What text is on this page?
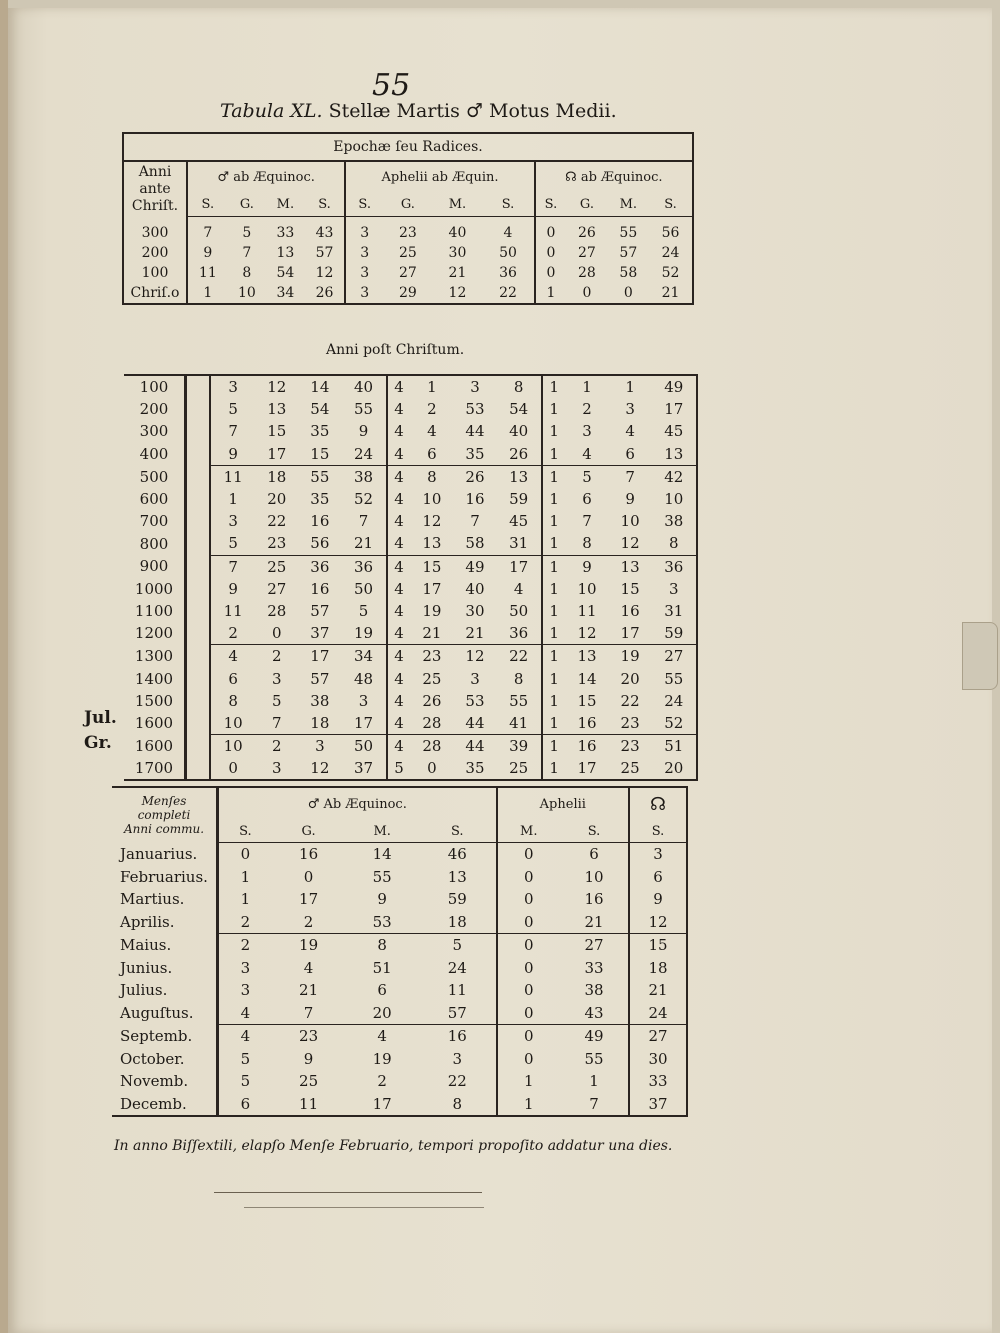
55
Tabula XL. Stellæ Martis ♂ Motus Medii.
Epochæ ſeu Radices.												
Anni
ante
Chriſt.	♂ ab Æquinoc.				Aphelii ab Æquin.				☊ ab Æquinoc.			
	S.	G.	M.	S.	S.	G.	M.	S.	S.	G.	M.	S.
300	7	5	33	43	3	23	40	4	0	26	55	56
200	9	7	13	57	3	25	30	50	0	27	57	24
100	11	8	54	12	3	27	21	36	0	28	58	52
Chriſ.o	1	10	34	26	3	29	12	22	1	0	0	21
Anni poſt Chriſtum.
100		3	12	14	40	4	1	3	8	1	1	1	49
200		5	13	54	55	4	2	53	54	1	2	3	17
300		7	15	35	9	4	4	44	40	1	3	4	45
400		9	17	15	24	4	6	35	26	1	4	6	13
500		11	18	55	38	4	8	26	13	1	5	7	42
600		1	20	35	52	4	10	16	59	1	6	9	10
700		3	22	16	7	4	12	7	45	1	7	10	38
800		5	23	56	21	4	13	58	31	1	8	12	8
900		7	25	36	36	4	15	49	17	1	9	13	36
1000		9	27	16	50	4	17	40	4	1	10	15	3
1100		11	28	57	5	4	19	30	50	1	11	16	31
1200		2	0	37	19	4	21	21	36	1	12	17	59
1300		4	2	17	34	4	23	12	22	1	13	19	27
1400		6	3	57	48	4	25	3	8	1	14	20	55
1500		8	5	38	3	4	26	53	55	1	15	22	24
1600		10	7	18	17	4	28	44	41	1	16	23	52
1600		10	2	3	50	4	28	44	39	1	16	23	51
1700		0	3	12	37	5	0	35	25	1	17	25	20
Jul.
Gr.
Menſes
completi
Anni commu.	♂ Ab Æquinoc.				Aphelii		☊
	S.	G.	M.	S.	M.	S.	S.
Januarius.	0	16	14	46	0	6	3
Februarius.	1	0	55	13	0	10	6
Martius.	1	17	9	59	0	16	9
Aprilis.	2	2	53	18	0	21	12
Maius.	2	19	8	5	0	27	15
Junius.	3	4	51	24	0	33	18
Julius.	3	21	6	11	0	38	21
Auguſtus.	4	7	20	57	0	43	24
Septemb.	4	23	4	16	0	49	27
October.	5	9	19	3	0	55	30
Novemb.	5	25	2	22	1	1	33
Decemb.	6	11	17	8	1	7	37
In anno Biſſextili, elapſo Menſe Februario, tempori propoſito addatur una dies.
